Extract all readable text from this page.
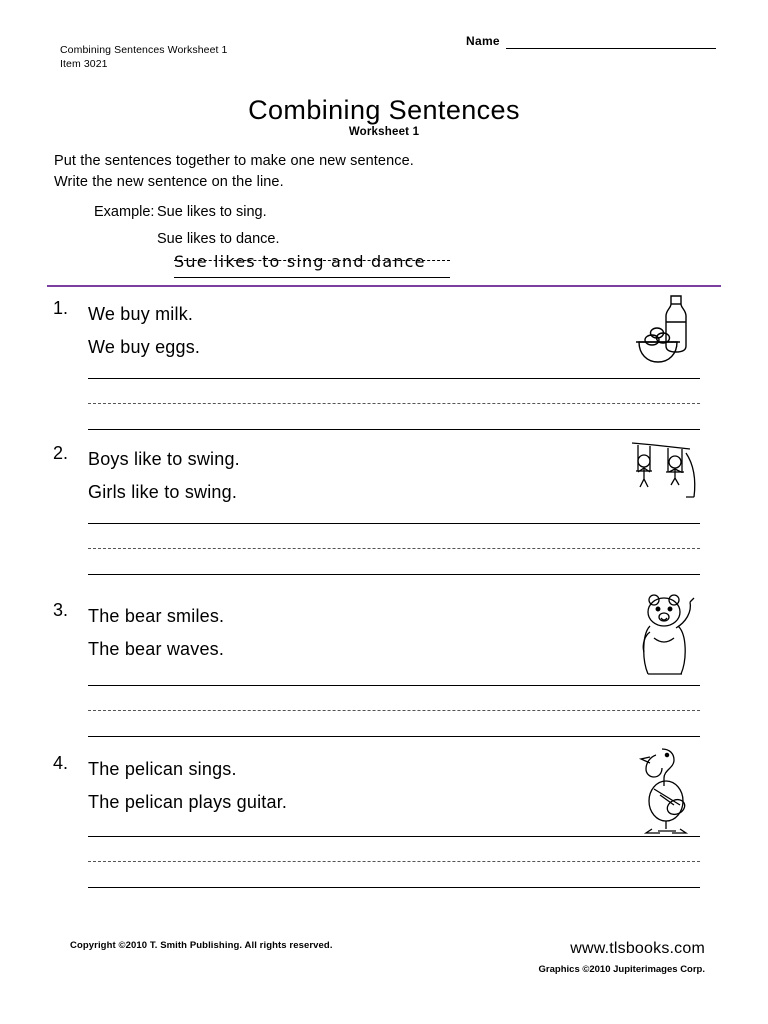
Combining Sentences Worksheet 1
Item 3021
Name
Combining Sentences
Worksheet 1
Put the sentences together to make one new sentence.
Write the new sentence on the line.
Example: Sue likes to sing.
Sue likes to dance.
Sue likes to sing and dance
1. We buy milk.
We buy eggs.
2. Boys like to swing.
Girls like to swing.
3. The bear smiles.
The bear waves.
4. The pelican sings.
The pelican plays guitar.
Copyright ©2010 T. Smith Publishing. All rights reserved.	www.tlsbooks.com
Graphics ©2010 Jupiterimages Corp.
